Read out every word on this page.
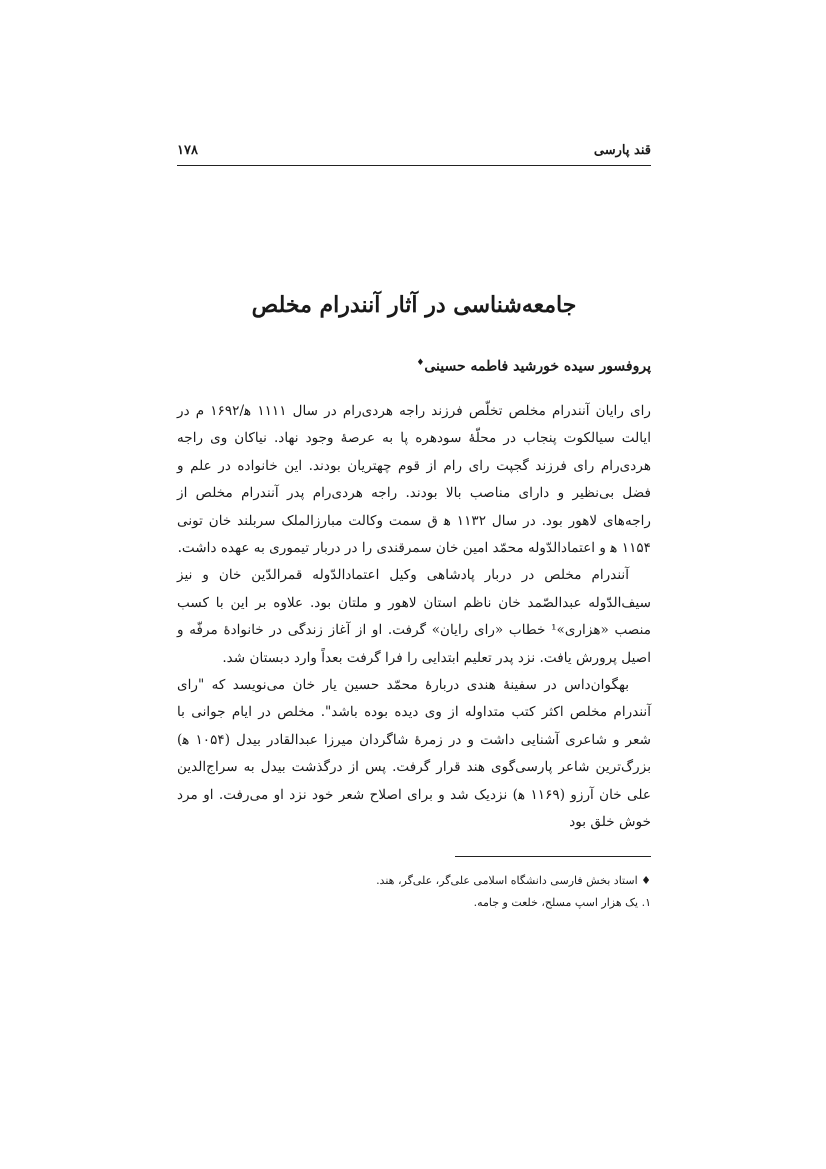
قند پارسی
۱۷۸
جامعه‌شناسی در آثار آنندرام مخلص
پروفسور سیده خورشید فاطمه حسینی♦

رای رایان آنندرام مخلص تخلّص فرزند راجه هردی‌رام در سال ۱۱۱۱ ه‍/۱۶۹۲ م در ایالت سیالکوت پنجاب در محلّهٔ سودهره پا به عرصهٔ وجود نهاد. نیاکان وی راجه هردی‌رام رای فرزند گجپت رای رام از قوم چهتریان بودند. این خانواده در علم و فضل بی‌نظیر و دارای مناصب بالا بودند. راجه هردی‌رام پدر آنندرام مخلص از راجه‌های لاهور بود. در سال ۱۱۳۲ ه‍ ق سمت وکالت مبارزالملک سربلند خان تونی ۱۱۵۴ ه‍ و اعتمادالدّوله محمّد امین خان سمرقندی را در دربار تیموری به عهده داشت.

آنندرام مخلص در دربار پادشاهی وکیل اعتمادالدّوله قمرالدّین خان و نیز سیف‌الدّوله عبدالصّمد خان ناظم استان لاهور و ملتان بود. علاوه بر این با کسب منصب «هزاری»¹ خطاب «رای رایان» گرفت. او از آغاز زندگی در خانوادهٔ مرفّه و اصیل پرورش یافت. نزد پدر تعلیم ابتدایی را فرا گرفت بعداً وارد دبستان شد.

بهگوان‌داس در سفینهٔ هندی دربارهٔ محمّد حسین یار خان می‌نویسد که "رای آنندرام مخلص اکثر کتب متداوله از وی دیده بوده باشد". مخلص در ایام جوانی با شعر و شاعری آشنایی داشت و در زمرهٔ شاگردان میرزا عبدالقادر بیدل (۱۰۵۴ ه‍) بزرگ‌ترین شاعر پارسی‌گوی هند قرار گرفت. پس از درگذشت بیدل به سراج‌الدین علی خان آرزو (۱۱۶۹ ه‍) نزدیک شد و برای اصلاح شعر خود نزد او می‌رفت. او مرد خوش خلق بود

♦ استاد بخش فارسی دانشگاه اسلامی علی‌گر، علی‌گر، هند.

۱. یک هزار اسپ مسلح، خلعت و جامه.
